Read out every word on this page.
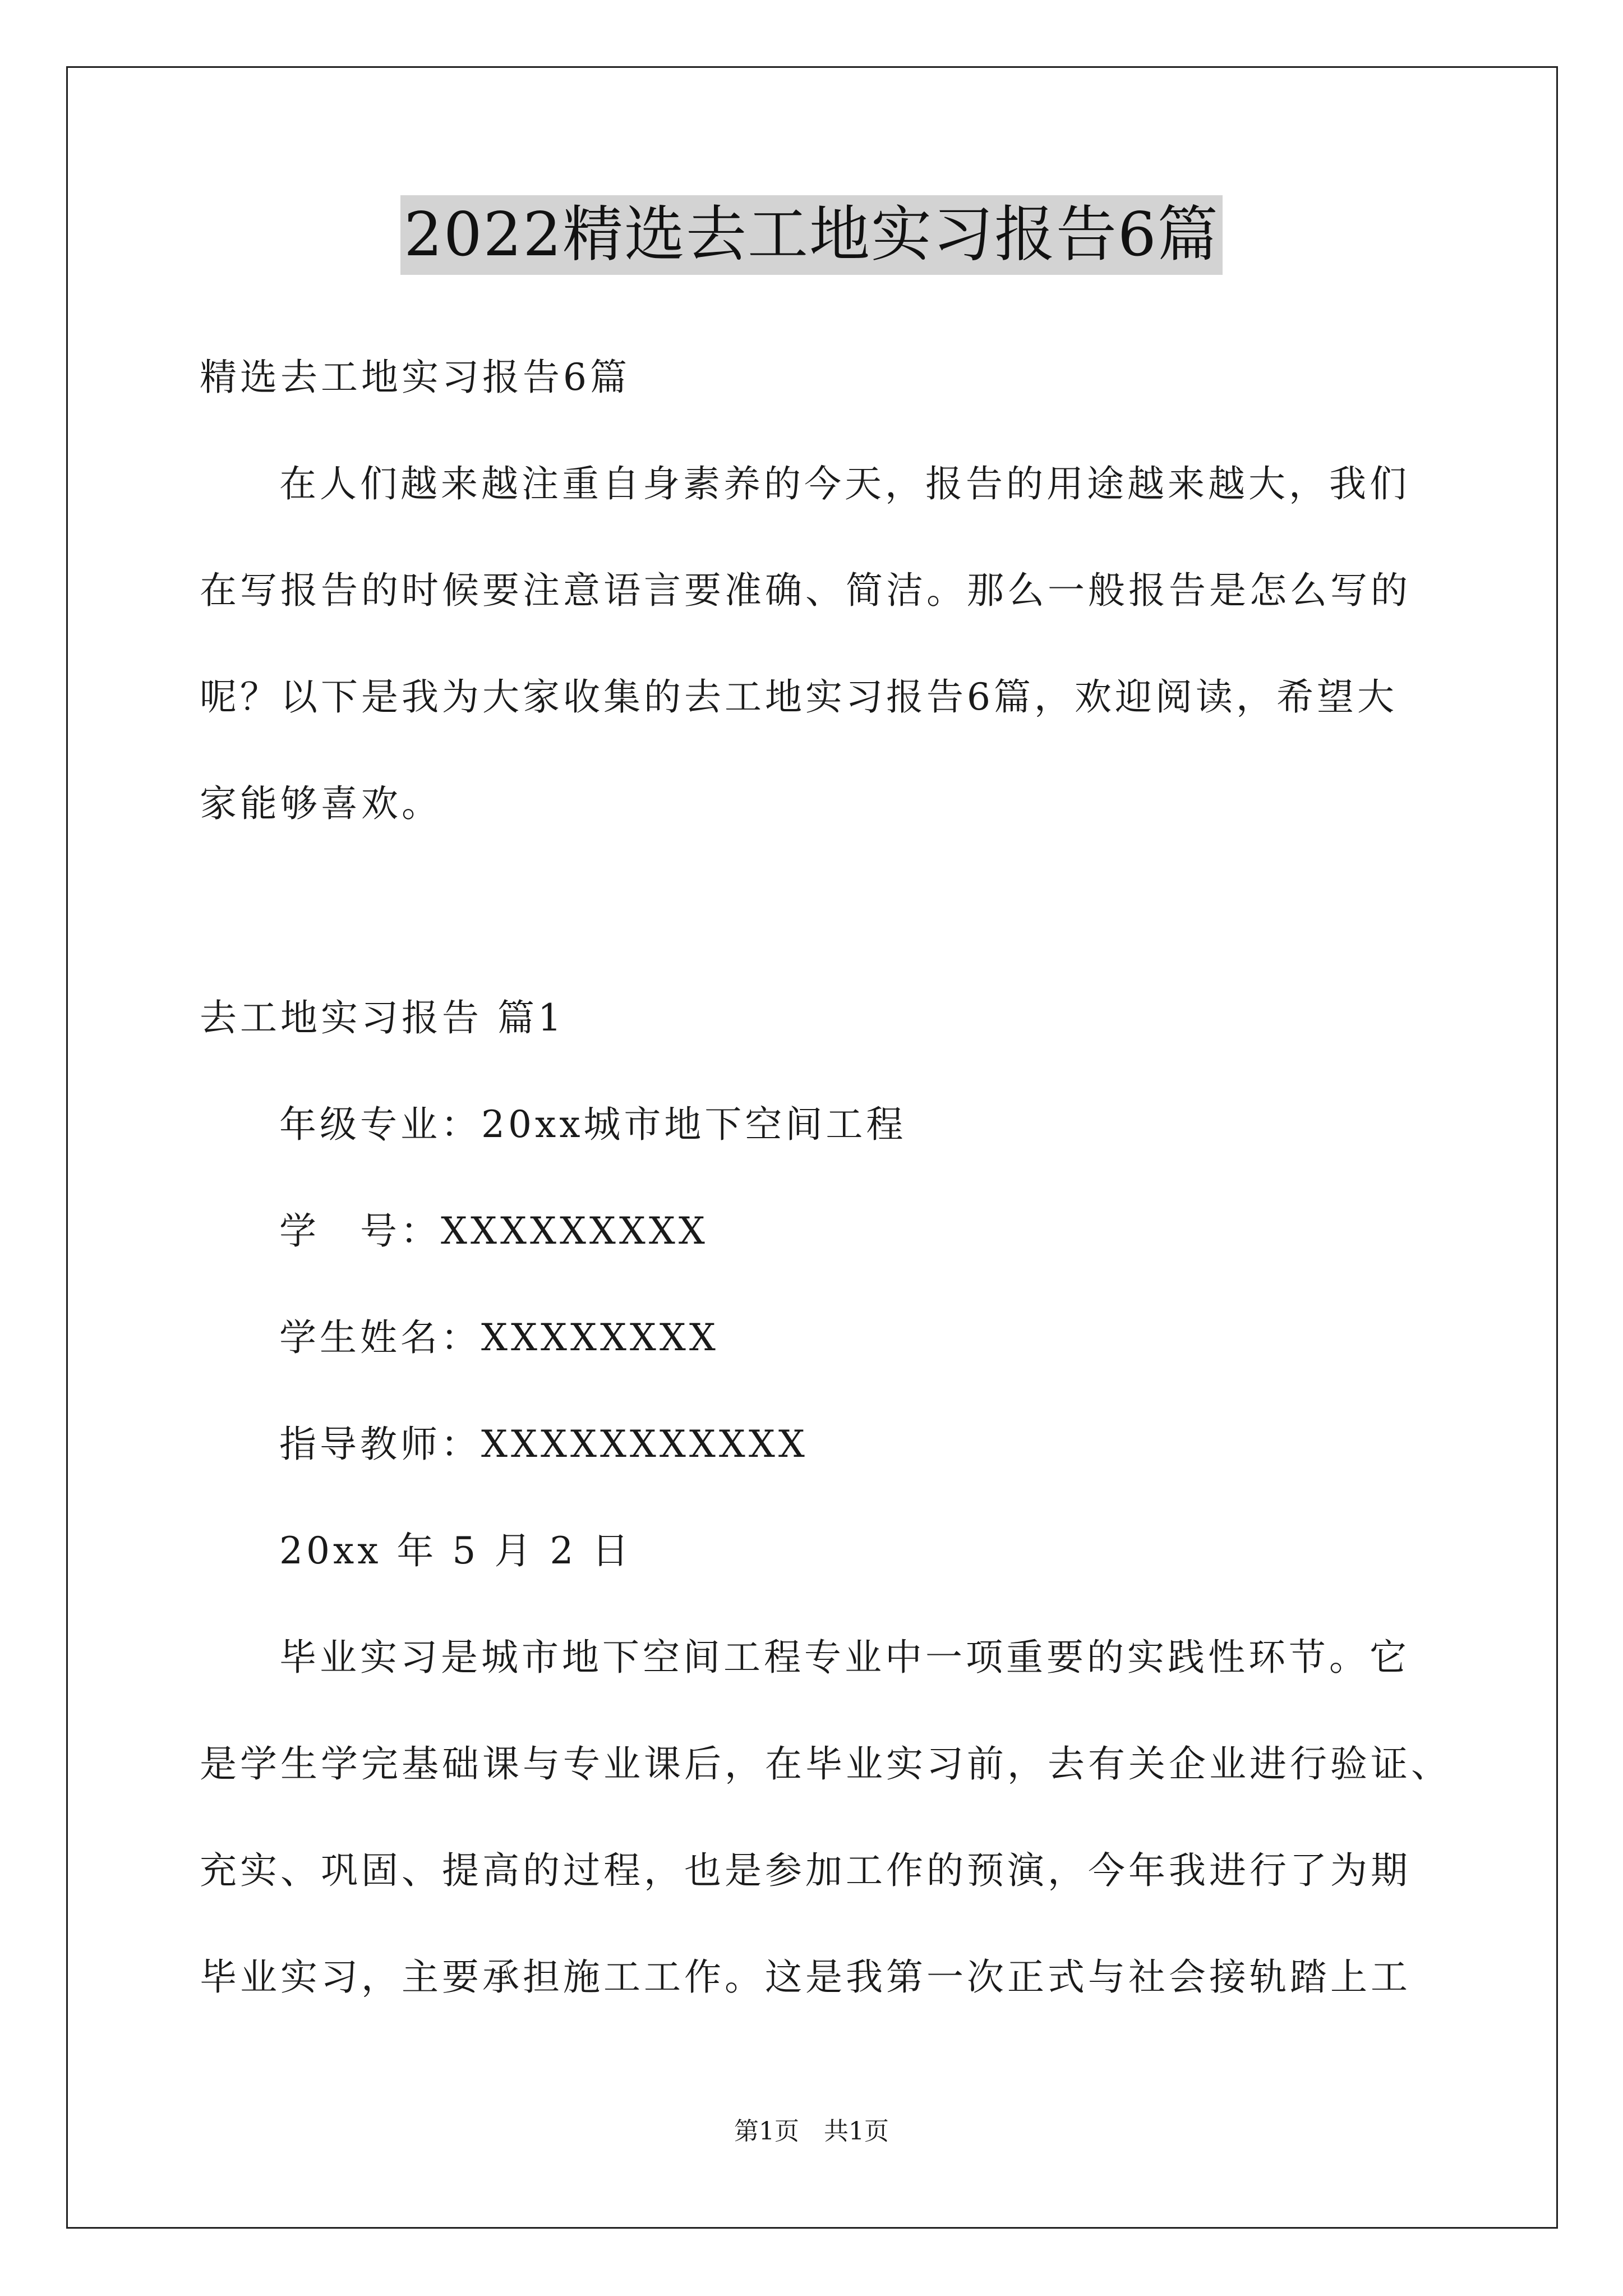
2022精选去工地实习报告6篇
精选去工地实习报告6篇
在人们越来越注重自身素养的今天，报告的用途越来越大，我们
在写报告的时候要注意语言要准确、简洁。那么一般报告是怎么写的
呢？以下是我为大家收集的去工地实习报告6篇，欢迎阅读，希望大
家能够喜欢。
去工地实习报告 篇1
年级专业：20xx城市地下空间工程
学　号：XXXXXXXXX
学生姓名：XXXXXXXX
指导教师：XXXXXXXXXXX
20xx 年 5 月 2 日
毕业实习是城市地下空间工程专业中一项重要的实践性环节。它
是学生学完基础课与专业课后，在毕业实习前，去有关企业进行验证、
充实、巩固、提高的过程，也是参加工作的预演，今年我进行了为期
毕业实习，主要承担施工工作。这是我第一次正式与社会接轨踏上工
第1页　共1页
